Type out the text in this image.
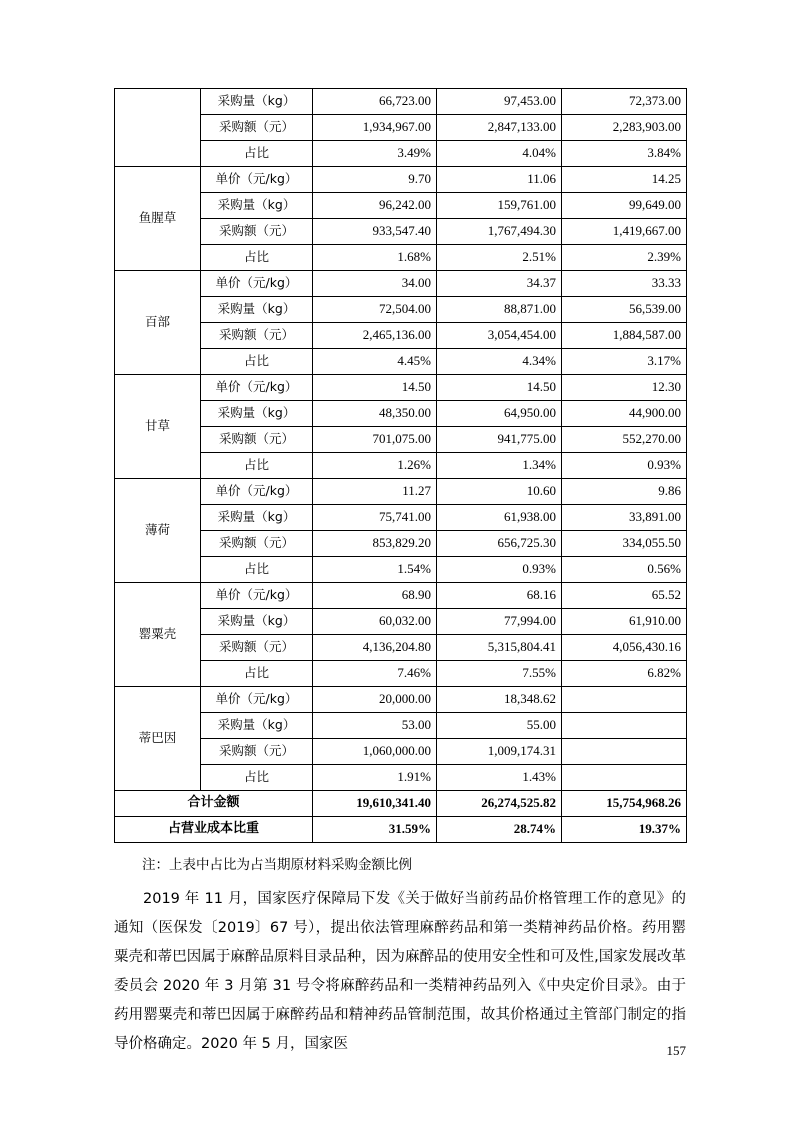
	采购量（kg）	66,723.00	97,453.00	72,373.00
	采购额（元）	1,934,967.00	2,847,133.00	2,283,903.00
	占比	3.49%	4.04%	3.84%
鱼腥草	单价（元/kg）	9.70	11.06	14.25
	采购量（kg）	96,242.00	159,761.00	99,649.00
	采购额（元）	933,547.40	1,767,494.30	1,419,667.00
	占比	1.68%	2.51%	2.39%
百部	单价（元/kg）	34.00	34.37	33.33
	采购量（kg）	72,504.00	88,871.00	56,539.00
	采购额（元）	2,465,136.00	3,054,454.00	1,884,587.00
	占比	4.45%	4.34%	3.17%
甘草	单价（元/kg）	14.50	14.50	12.30
	采购量（kg）	48,350.00	64,950.00	44,900.00
	采购额（元）	701,075.00	941,775.00	552,270.00
	占比	1.26%	1.34%	0.93%
薄荷	单价（元/kg）	11.27	10.60	9.86
	采购量（kg）	75,741.00	61,938.00	33,891.00
	采购额（元）	853,829.20	656,725.30	334,055.50
	占比	1.54%	0.93%	0.56%
罂粟壳	单价（元/kg）	68.90	68.16	65.52
	采购量（kg）	60,032.00	77,994.00	61,910.00
	采购额（元）	4,136,204.80	5,315,804.41	4,056,430.16
	占比	7.46%	7.55%	6.82%
蒂巴因	单价（元/kg）	20,000.00	18,348.62	
	采购量（kg）	53.00	55.00	
	采购额（元）	1,060,000.00	1,009,174.31	
	占比	1.91%	1.43%	
合计金额		19,610,341.40	26,274,525.82	15,754,968.26
占营业成本比重		31.59%	28.74%	19.37%
注：上表中占比为占当期原材料采购金额比例
2019 年 11 月，国家医疗保障局下发《关于做好当前药品价格管理工作的意见》的通知（医保发〔2019〕67 号），提出依法管理麻醉药品和第一类精神药品价格。药用罂粟壳和蒂巴因属于麻醉品原料目录品种，因为麻醉品的使用安全性和可及性,国家发展改革委员会 2020 年 3 月第 31 号令将麻醉药品和一类精神药品列入《中央定价目录》。由于药用罂粟壳和蒂巴因属于麻醉药品和精神药品管制范围，故其价格通过主管部门制定的指导价格确定。2020 年 5 月，国家医	157
